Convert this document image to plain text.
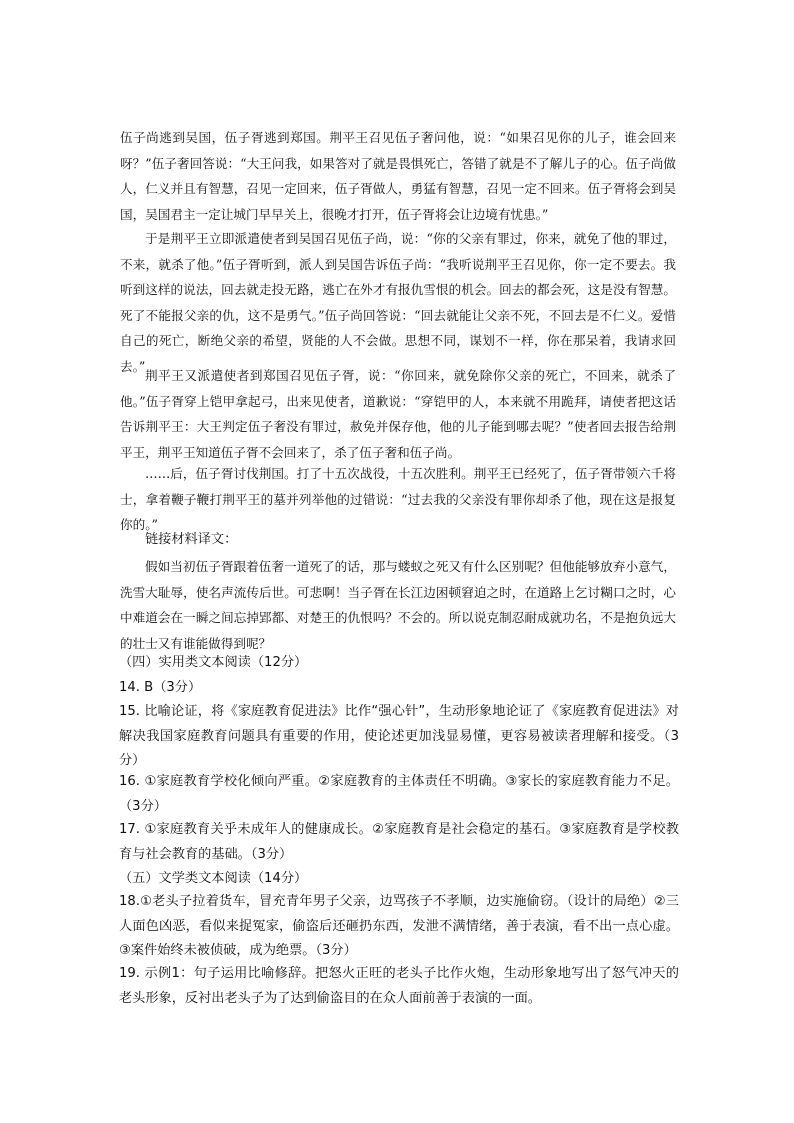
伍子尚逃到吴国，伍子胥逃到郑国。荆平王召见伍子奢问他，说：“如果召见你的儿子，谁会回来呀？”伍子奢回答说：“大王问我，如果答对了就是畏惧死亡，答错了就是不了解儿子的心。伍子尚做人，仁义并且有智慧，召见一定回来，伍子胥做人，勇猛有智慧，召见一定不回来。伍子胥将会到吴国，吴国君主一定让城门早早关上，很晚才打开，伍子胥将会让边境有忧患。”

于是荆平王立即派遣使者到吴国召见伍子尚，说：“你的父亲有罪过，你来，就免了他的罪过，不来，就杀了他。”伍子胥听到，派人到吴国告诉伍子尚：“我听说荆平王召见你，你一定不要去。我听到这样的说法，回去就走投无路，逃亡在外才有报仇雪恨的机会。回去的都会死，这是没有智慧。死了不能报父亲的仇，这不是勇气。”伍子尚回答说：“回去就能让父亲不死，不回去是不仁义。爱惜自己的死亡，断绝父亲的希望，贤能的人不会做。思想不同，谋划不一样，你在那呆着，我请求回去。”

荆平王又派遣使者到郑国召见伍子胥，说：“你回来，就免除你父亲的死亡，不回来，就杀了他。”伍子胥穿上铠甲拿起弓，出来见使者，道歉说：“穿铠甲的人，本来就不用跪拜，请使者把这话告诉荆平王：大王判定伍子奢没有罪过，赦免并保存他，他的儿子能到哪去呢？”使者回去报告给荆平王，荆平王知道伍子胥不会回来了，杀了伍子奢和伍子尚。

……后，伍子胥讨伐荆国。打了十五次战役，十五次胜利。荆平王已经死了，伍子胥带领六千将士，拿着鞭子鞭打荆平王的墓并列举他的过错说：“过去我的父亲没有罪你却杀了他，现在这是报复你的。”

链接材料译文：

假如当初伍子胥跟着伍奢一道死了的话，那与蝼蚁之死又有什么区别呢？但他能够放弃小意气，洗雪大耻辱，使名声流传后世。可悲啊！当子胥在长江边困顿窘迫之时，在道路上乞讨糊口之时，心中难道会在一瞬之间忘掉郢都、对楚王的仇恨吗？不会的。所以说克制忍耐成就功名，不是抱负远大的壮士又有谁能做得到呢？

（四）实用类文本阅读（12分）

14. B（3分）

15. 比喻论证，将《家庭教育促进法》比作“强心针”，生动形象地论证了《家庭教育促进法》对解决我国家庭教育问题具有重要的作用，使论述更加浅显易懂，更容易被读者理解和接受。（3分）

16. ①家庭教育学校化倾向严重。②家庭教育的主体责任不明确。③家长的家庭教育能力不足。（3分）

17. ①家庭教育关乎未成年人的健康成长。②家庭教育是社会稳定的基石。③家庭教育是学校教育与社会教育的基础。（3分）

（五）文学类文本阅读（14分）

18.①老头子拉着货车，冒充青年男子父亲，边骂孩子不孝顺，边实施偷窃。（设计的局绝）②三人面色凶恶，看似来捉冤家，偷盗后还砸扔东西，发泄不满情绪，善于表演，看不出一点心虚。③案件始终未被侦破，成为绝票。（3分）

19. 示例1：句子运用比喻修辞。把怒火正旺的老头子比作火炮，生动形象地写出了怒气冲天的老头形象，反衬出老头子为了达到偷盗目的在众人面前善于表演的一面。
